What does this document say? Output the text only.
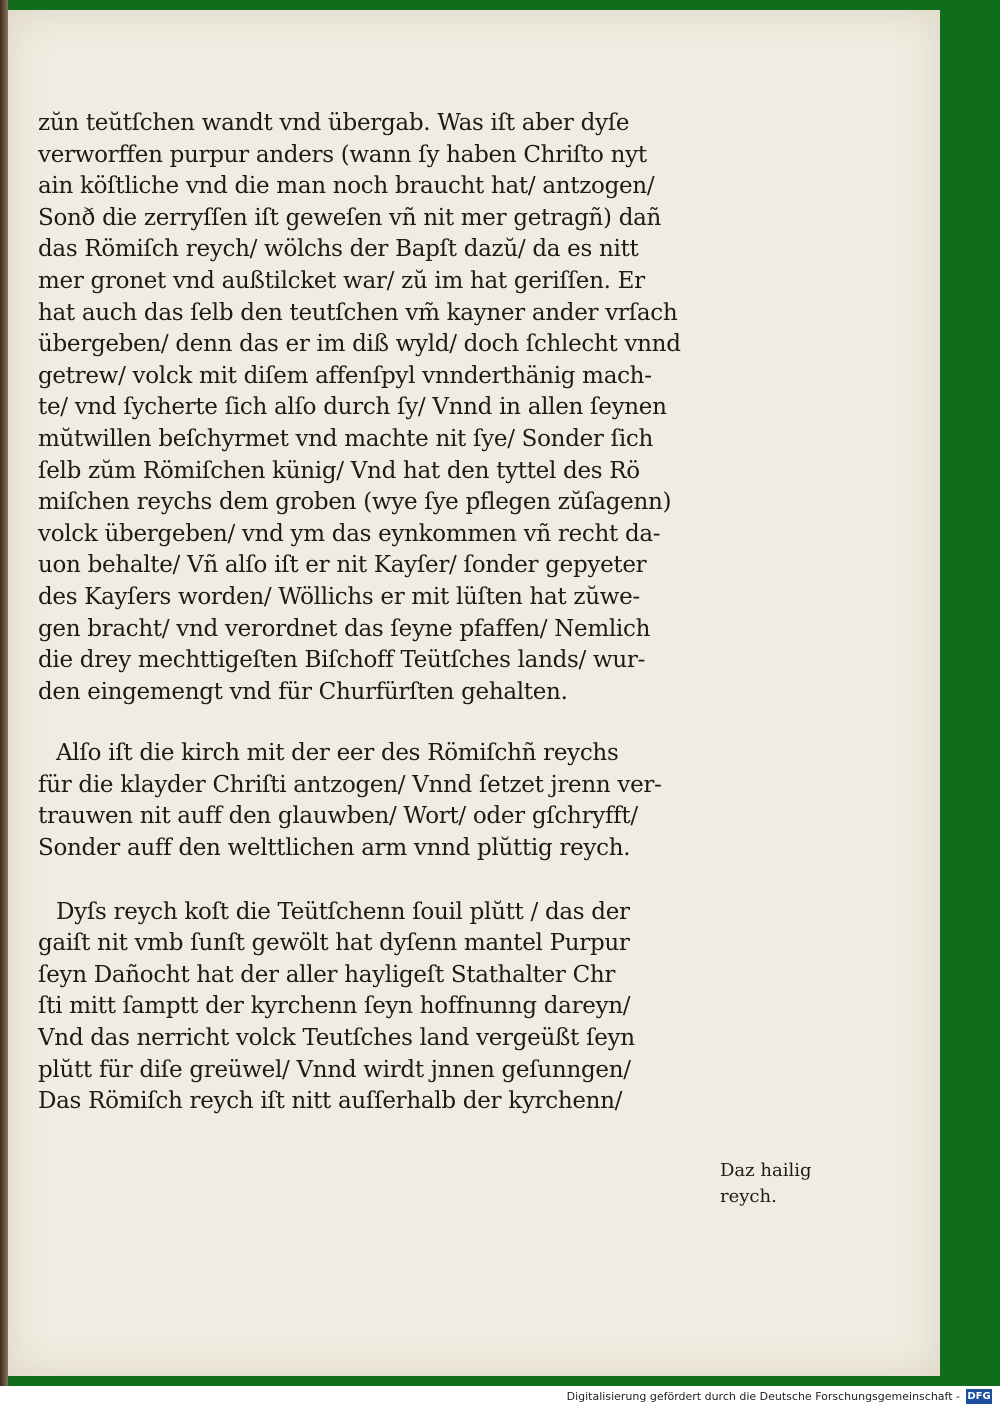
zŭn teŭtſchen wandt vnd übergab. Was iſt aber dyſe
verworffen purpur anders (wann ſy haben Chriſto nyt
ain köſtliche vnd die man noch braucht hat/ antzogen/
Sonð die zerryſſen iſt geweſen vñ nit mer getragñ) dañ
das Römiſch reych/ wölchs der Bapſt dazŭ/ da es nitt
mer gronet vnd außtilcket war/ zŭ im hat geriſſen. Er
hat auch das ſelb den teutſchen vm̃ kayner ander vrſach
übergeben/ denn das er im diß wyld/ doch ſchlecht vnnd
getrew/ volck mit diſem affenſpyl vnnderthänig mach-
te/ vnd ſycherte ſich alſo durch ſy/ Vnnd in allen ſeynen
mŭtwillen beſchyrmet vnd machte nit ſye/ Sonder ſich
ſelb zŭm Römiſchen künig/ Vnd hat den tyttel des Rö
miſchen reychs dem groben (wye ſye pflegen zŭſagenn)
volck übergeben/ vnd ym das eynkommen vñ recht da-
uon behalte/ Vñ alſo iſt er nit Kayſer/ ſonder gepyeter
des Kayſers worden/ Wöllichs er mit lüſten hat zŭwe-
gen bracht/ vnd verordnet das ſeyne pfaffen/ Nemlich
die drey mechttigeſten Biſchoff Teütſches lands/ wur-
den eingemengt vnd für Churfürſten gehalten.
Alſo iſt die kirch mit der eer des Römiſchñ reychs
für die klayder Chriſti antzogen/ Vnnd ſetzet jrenn ver-
trauwen nit auff den glauwben/ Wort/ oder gſchryfft/
Sonder auff den welttlichen arm vnnd plŭttig reych.
Dyſs reych koſt die Teütſchenn ſouil plŭtt / das der
gaiſt nit vmb ſunſt gewölt hat dyſenn mantel Purpur
ſeyn Dañocht hat der aller hayligeſt Stathalter Chr
ſti mitt ſamptt der kyrchenn ſeyn hoffnunng dareyn/
Vnd das nerricht volck Teutſches land vergeüßt ſeyn
plŭtt für diſe greüwel/ Vnnd wirdt jnnen geſunngen/
Das Römiſch reych iſt nitt auſſerhalb der kyrchenn/
Daz hailig
reych.
Digitalisierung gefördert durch die Deutsche Forschungsgemeinschaft - DFG
